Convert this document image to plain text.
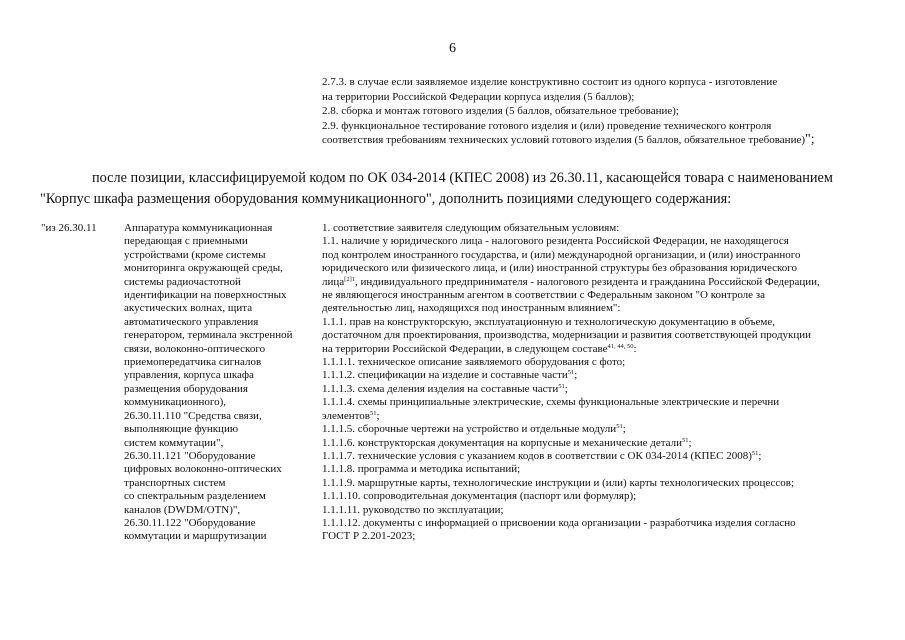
6
2.7.3. в случае если заявляемое изделие конструктивно состоит из одного корпуса - изготовление
на территории Российской Федерации корпуса изделия (5 баллов);
2.8. сборка и монтаж готового изделия (5 баллов, обязательное требование);
2.9. функциональное тестирование готового изделия и (или) проведение технического контроля
соответствия требованиям технических условий готового изделия (5 баллов, обязательное требование)";
после позиции, классифицируемой кодом по ОК 034-2014 (КПЕС 2008) из 26.30.11, касающейся товара с наименованием
"Корпус шкафа размещения оборудования коммуникационного", дополнить позициями следующего содержания:
"из 26.30.11 Аппаратура коммуникационная
передающая с приемными
устройствами (кроме системы
мониторинга окружающей среды,
системы радиочастотной
идентификации на поверхностных
акустических волнах, щита
автоматического управления
генератором, терминала экстренной
связи, волоконно-оптического
приемопередатчика сигналов
управления, корпуса шкафа
размещения оборудования
коммуникационного),
26.30.11.110 "Средства связи,
выполняющие функцию
систем коммутации",
26.30.11.121 "Оборудование
цифровых волоконно-оптических
транспортных систем
со спектральным разделением
каналов (DWDM/OTN)",
26.30.11.122 "Оборудование
коммутации и маршрутизации
1. соответствие заявителя следующим обязательным условиям:
1.1. наличие у юридического лица - налогового резидента Российской Федерации, не находящегося
под контролем иностранного государства, и (или) международной организации, и (или) иностранного
юридического или физического лица, и (или) иностранной структуры без образования юридического
лица$^{[2]1}$, индивидуального предпринимателя - налогового резидента и гражданина Российской Федерации,
не являющегося иностранным агентом в соответствии с Федеральным законом "О контроле за
деятельностью лиц, находящихся под иностранным влиянием":
1.1.1. прав на конструкторскую, эксплуатационную и технологическую документацию в объеме,
достаточном для проектирования, производства, модернизации и развития соответствующей продукции
на территории Российской Федерации, в следующем составе$^{41, 44, 50}$:
1.1.1.1. техническое описание заявляемого оборудования с фото;
1.1.1.2. спецификации на изделие и составные части$^{51}$;
1.1.1.3. схема деления изделия на составные части$^{51}$;
1.1.1.4. схемы принципиальные электрические, схемы функциональные электрические и перечни
элементов$^{51}$;
1.1.1.5. сборочные чертежи на устройство и отдельные модули$^{51}$;
1.1.1.6. конструкторская документация на корпусные и механические детали$^{51}$;
1.1.1.7. технические условия с указанием кодов в соответствии с ОК 034-2014 (КПЕС 2008)$^{51}$;
1.1.1.8. программа и методика испытаний;
1.1.1.9. маршрутные карты, технологические инструкции и (или) карты технологических процессов;
1.1.1.10. сопроводительная документация (паспорт или формуляр);
1.1.1.11. руководство по эксплуатации;
1.1.1.12. документы с информацией о присвоении кода организации - разработчика изделия согласно
ГОСТ Р 2.201-2023;
